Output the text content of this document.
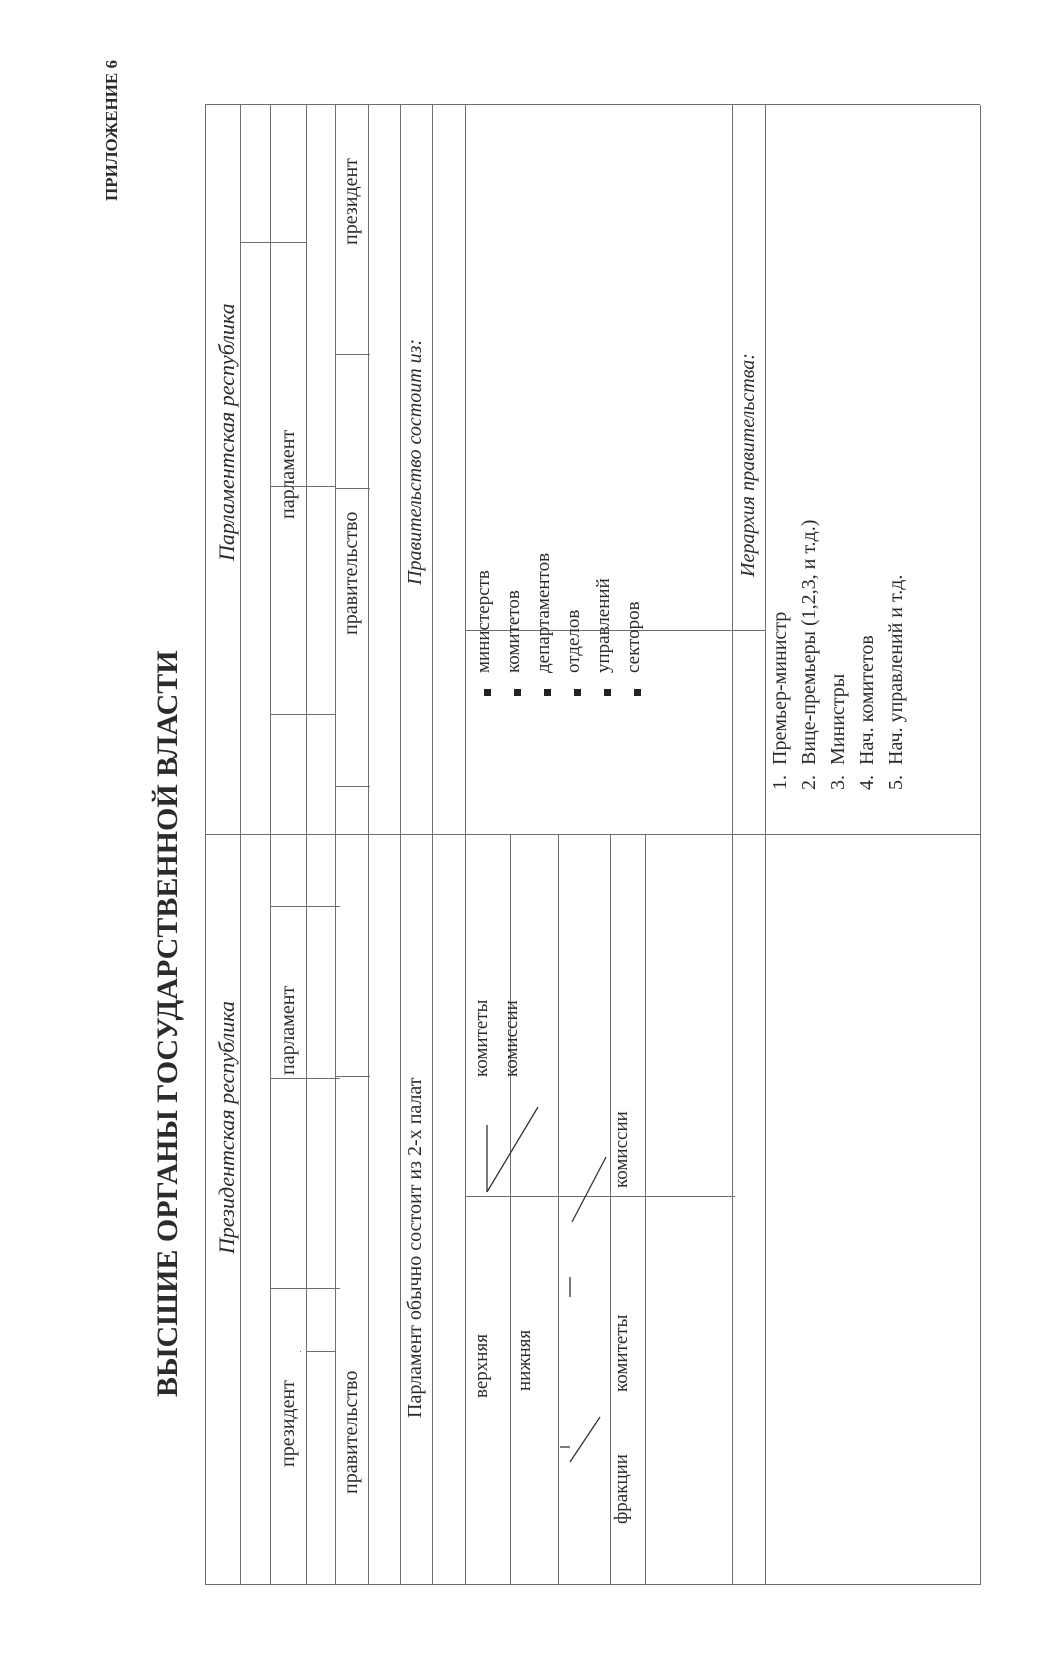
ПРИЛОЖЕНИЕ 6
ВЫСШИЕ ОРГАНЫ ГОСУДАРСТВЕННОЙ ВЛАСТИ Президентская республика
президент
парламент
правительство
Парламент обычно состоит из 2-х палат верхняя нижняя
комитеты комиссии
фракции
комитеты
комиссии
Парламентская республика парламент
правительство
президент
Правительство состоит из:
министерств комитетов департаментов отделов управлений секторов
Иерархия правительства:
1.  Премьер-министр 2.  Вице-премьеры (1,2,3, и т.д.) 3.  Министры 4.  Нач. комитетов 5.  Нач. управлений и т.д.
